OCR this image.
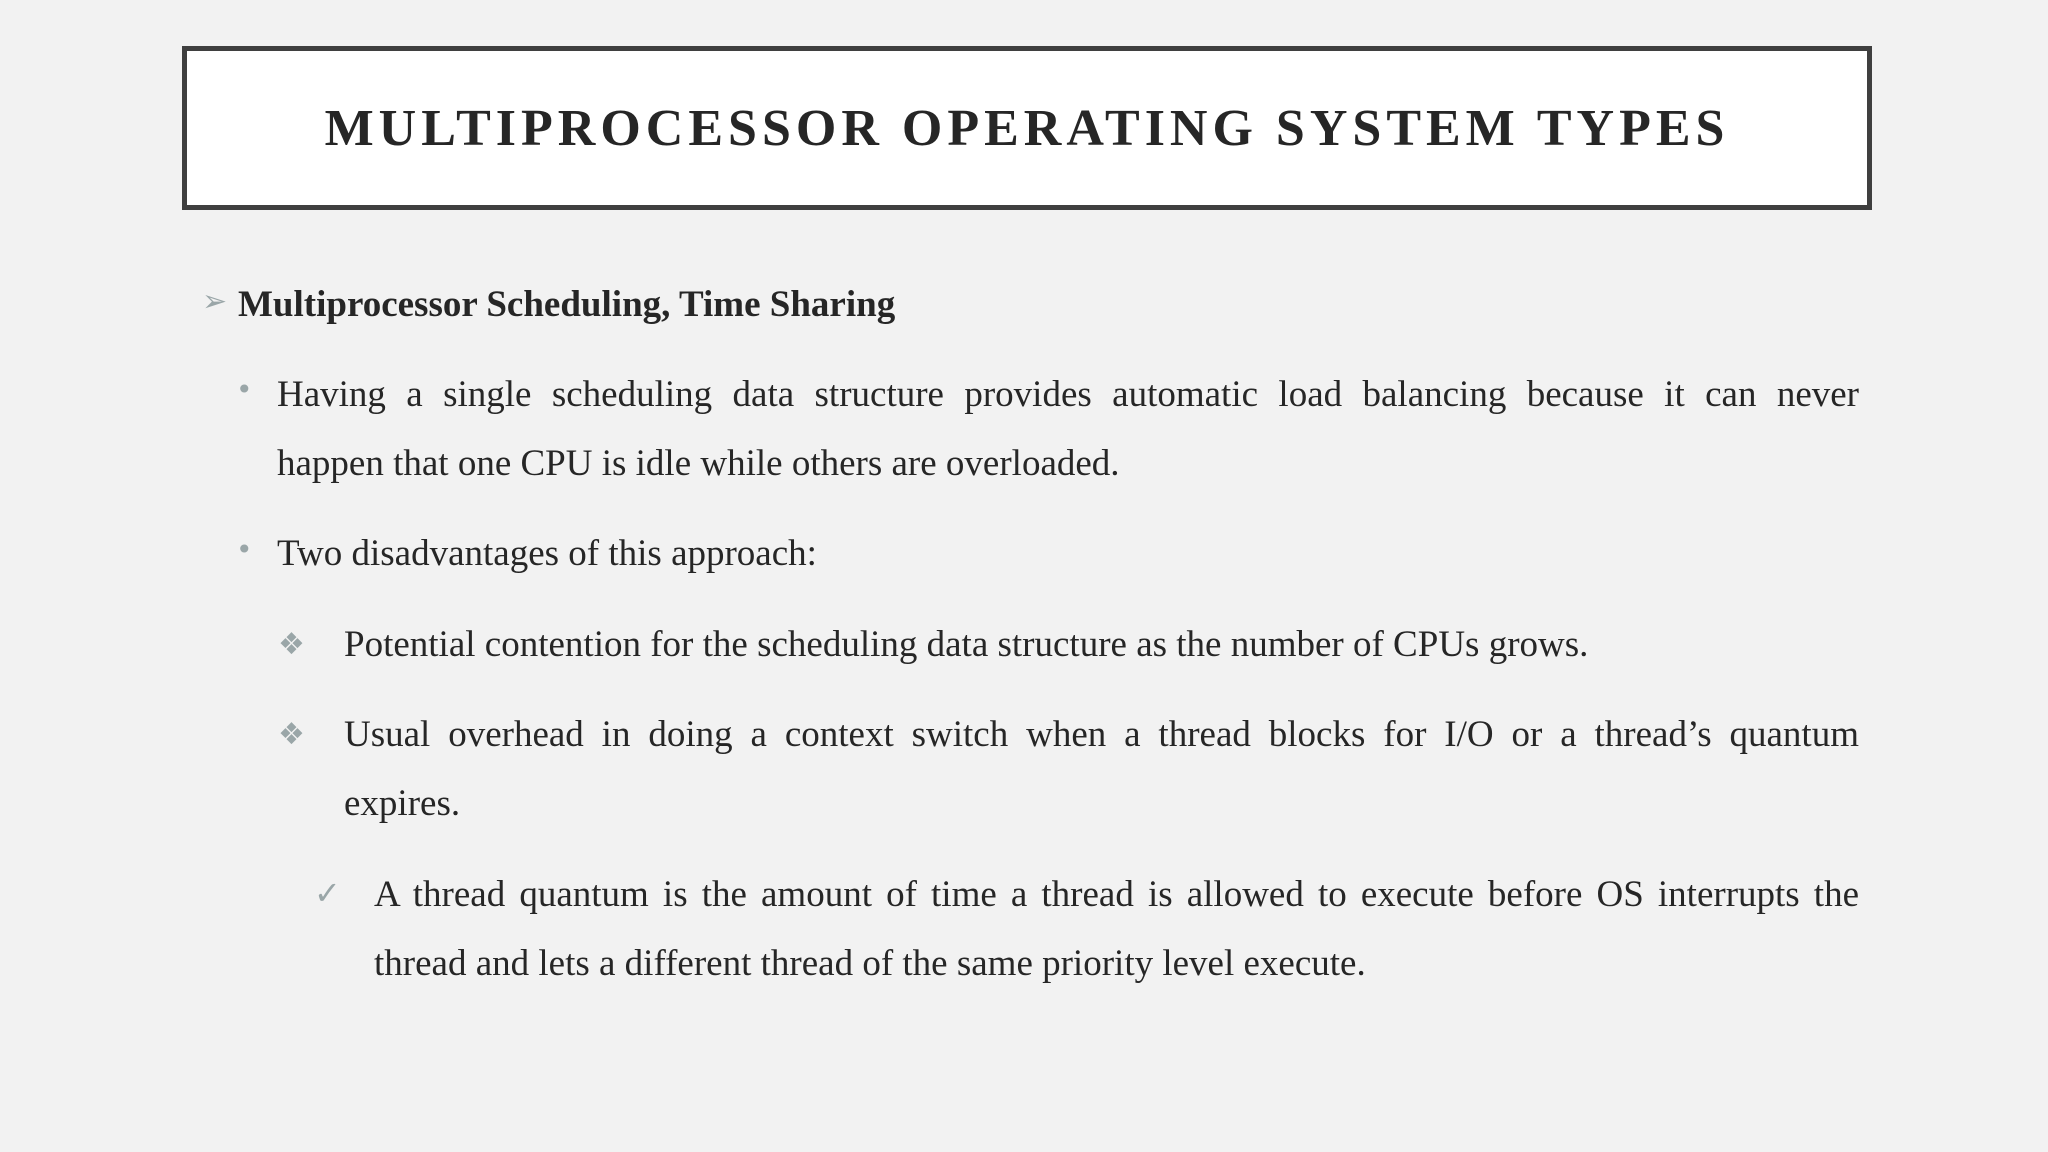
MULTIPROCESSOR OPERATING SYSTEM TYPES
➢ Multiprocessor Scheduling, Time Sharing
• Having a single scheduling data structure provides automatic load balancing because it can never
happen that one CPU is idle while others are overloaded.
• Two disadvantages of this approach:
❖ Potential contention for the scheduling data structure as the number of CPUs grows.
❖ Usual overhead in doing a context switch when a thread blocks for I/O or a thread’s quantum
expires.
✓ A thread quantum is the amount of time a thread is allowed to execute before OS interrupts the
thread and lets a different thread of the same priority level execute.
